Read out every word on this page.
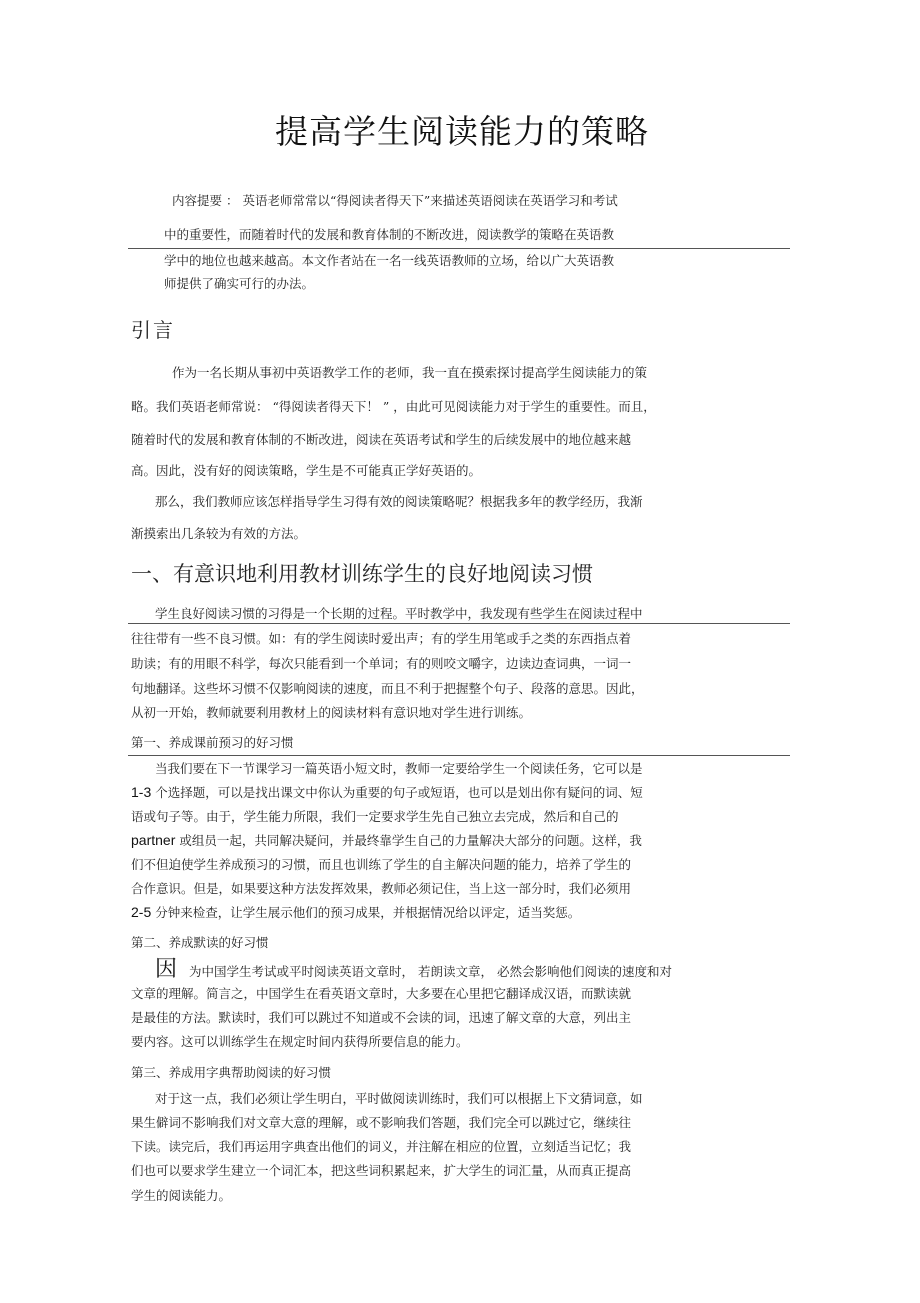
提高学生阅读能力的策略
内容提要 ： 英语老师常常以“得阅读者得天下”来描述英语阅读在英语学习和考试
中的重要性，而随着时代的发展和教育体制的不断改进，阅读教学的策略在英语教
学中的地位也越来越高。本文作者站在一名一线英语教师的立场，给以广大英语教
师提供了确实可行的办法。
引言
作为一名长期从事初中英语教学工作的老师，我一直在摸索探讨提高学生阅读能力的策
略。我们英语老师常说： “得阅读者得天下！ ” ，由此可见阅读能力对于学生的重要性。而且，
随着时代的发展和教育体制的不断改进，阅读在英语考试和学生的后续发展中的地位越来越
高。因此，没有好的阅读策略，学生是不可能真正学好英语的。
那么，我们教师应该怎样指导学生习得有效的阅读策略呢？根据我多年的教学经历，我渐
渐摸索出几条较为有效的方法。
一、有意识地利用教材训练学生的良好地阅读习惯
学生良好阅读习惯的习得是一个长期的过程。平时教学中，我发现有些学生在阅读过程中
往往带有一些不良习惯。如：有的学生阅读时爱出声；有的学生用笔或手之类的东西指点着
助读；有的用眼不科学，每次只能看到一个单词；有的则咬文嚼字，边读边查词典，一词一
句地翻译。这些坏习惯不仅影响阅读的速度，而且不利于把握整个句子、段落的意思。因此，
从初一开始，教师就要利用教材上的阅读材料有意识地对学生进行训练。
第一、养成课前预习的好习惯
当我们要在下一节课学习一篇英语小短文时，教师一定要给学生一个阅读任务，它可以是
1-3 个选择题，可以是找出课文中你认为重要的句子或短语，也可以是划出你有疑问的词、短
语或句子等。由于，学生能力所限，我们一定要求学生先自己独立去完成，然后和自己的
partner 或组员一起，共同解决疑问，并最终靠学生自己的力量解决大部分的问题。这样，我
们不但迫使学生养成预习的习惯，而且也训练了学生的自主解决问题的能力，培养了学生的
合作意识。但是，如果要这种方法发挥效果，教师必须记住，当上这一部分时，我们必须用
2-5 分钟来检查，让学生展示他们的预习成果，并根据情况给以评定，适当奖惩。
第二、养成默读的好习惯
因为中国学生考试或平时阅读英语文章时， 若朗读文章， 必然会影响他们阅读的速度和对
文章的理解。简言之，中国学生在看英语文章时，大多要在心里把它翻译成汉语，而默读就
是最佳的方法。默读时，我们可以跳过不知道或不会读的词，迅速了解文章的大意，列出主
要内容。这可以训练学生在规定时间内获得所要信息的能力。
第三、养成用字典帮助阅读的好习惯
对于这一点，我们必须让学生明白，平时做阅读训练时，我们可以根据上下文猜词意，如
果生僻词不影响我们对文章大意的理解，或不影响我们答题，我们完全可以跳过它，继续往
下读。读完后，我们再运用字典查出他们的词义，并注解在相应的位置，立刻适当记忆；我
们也可以要求学生建立一个词汇本，把这些词积累起来，扩大学生的词汇量，从而真正提高
学生的阅读能力。
